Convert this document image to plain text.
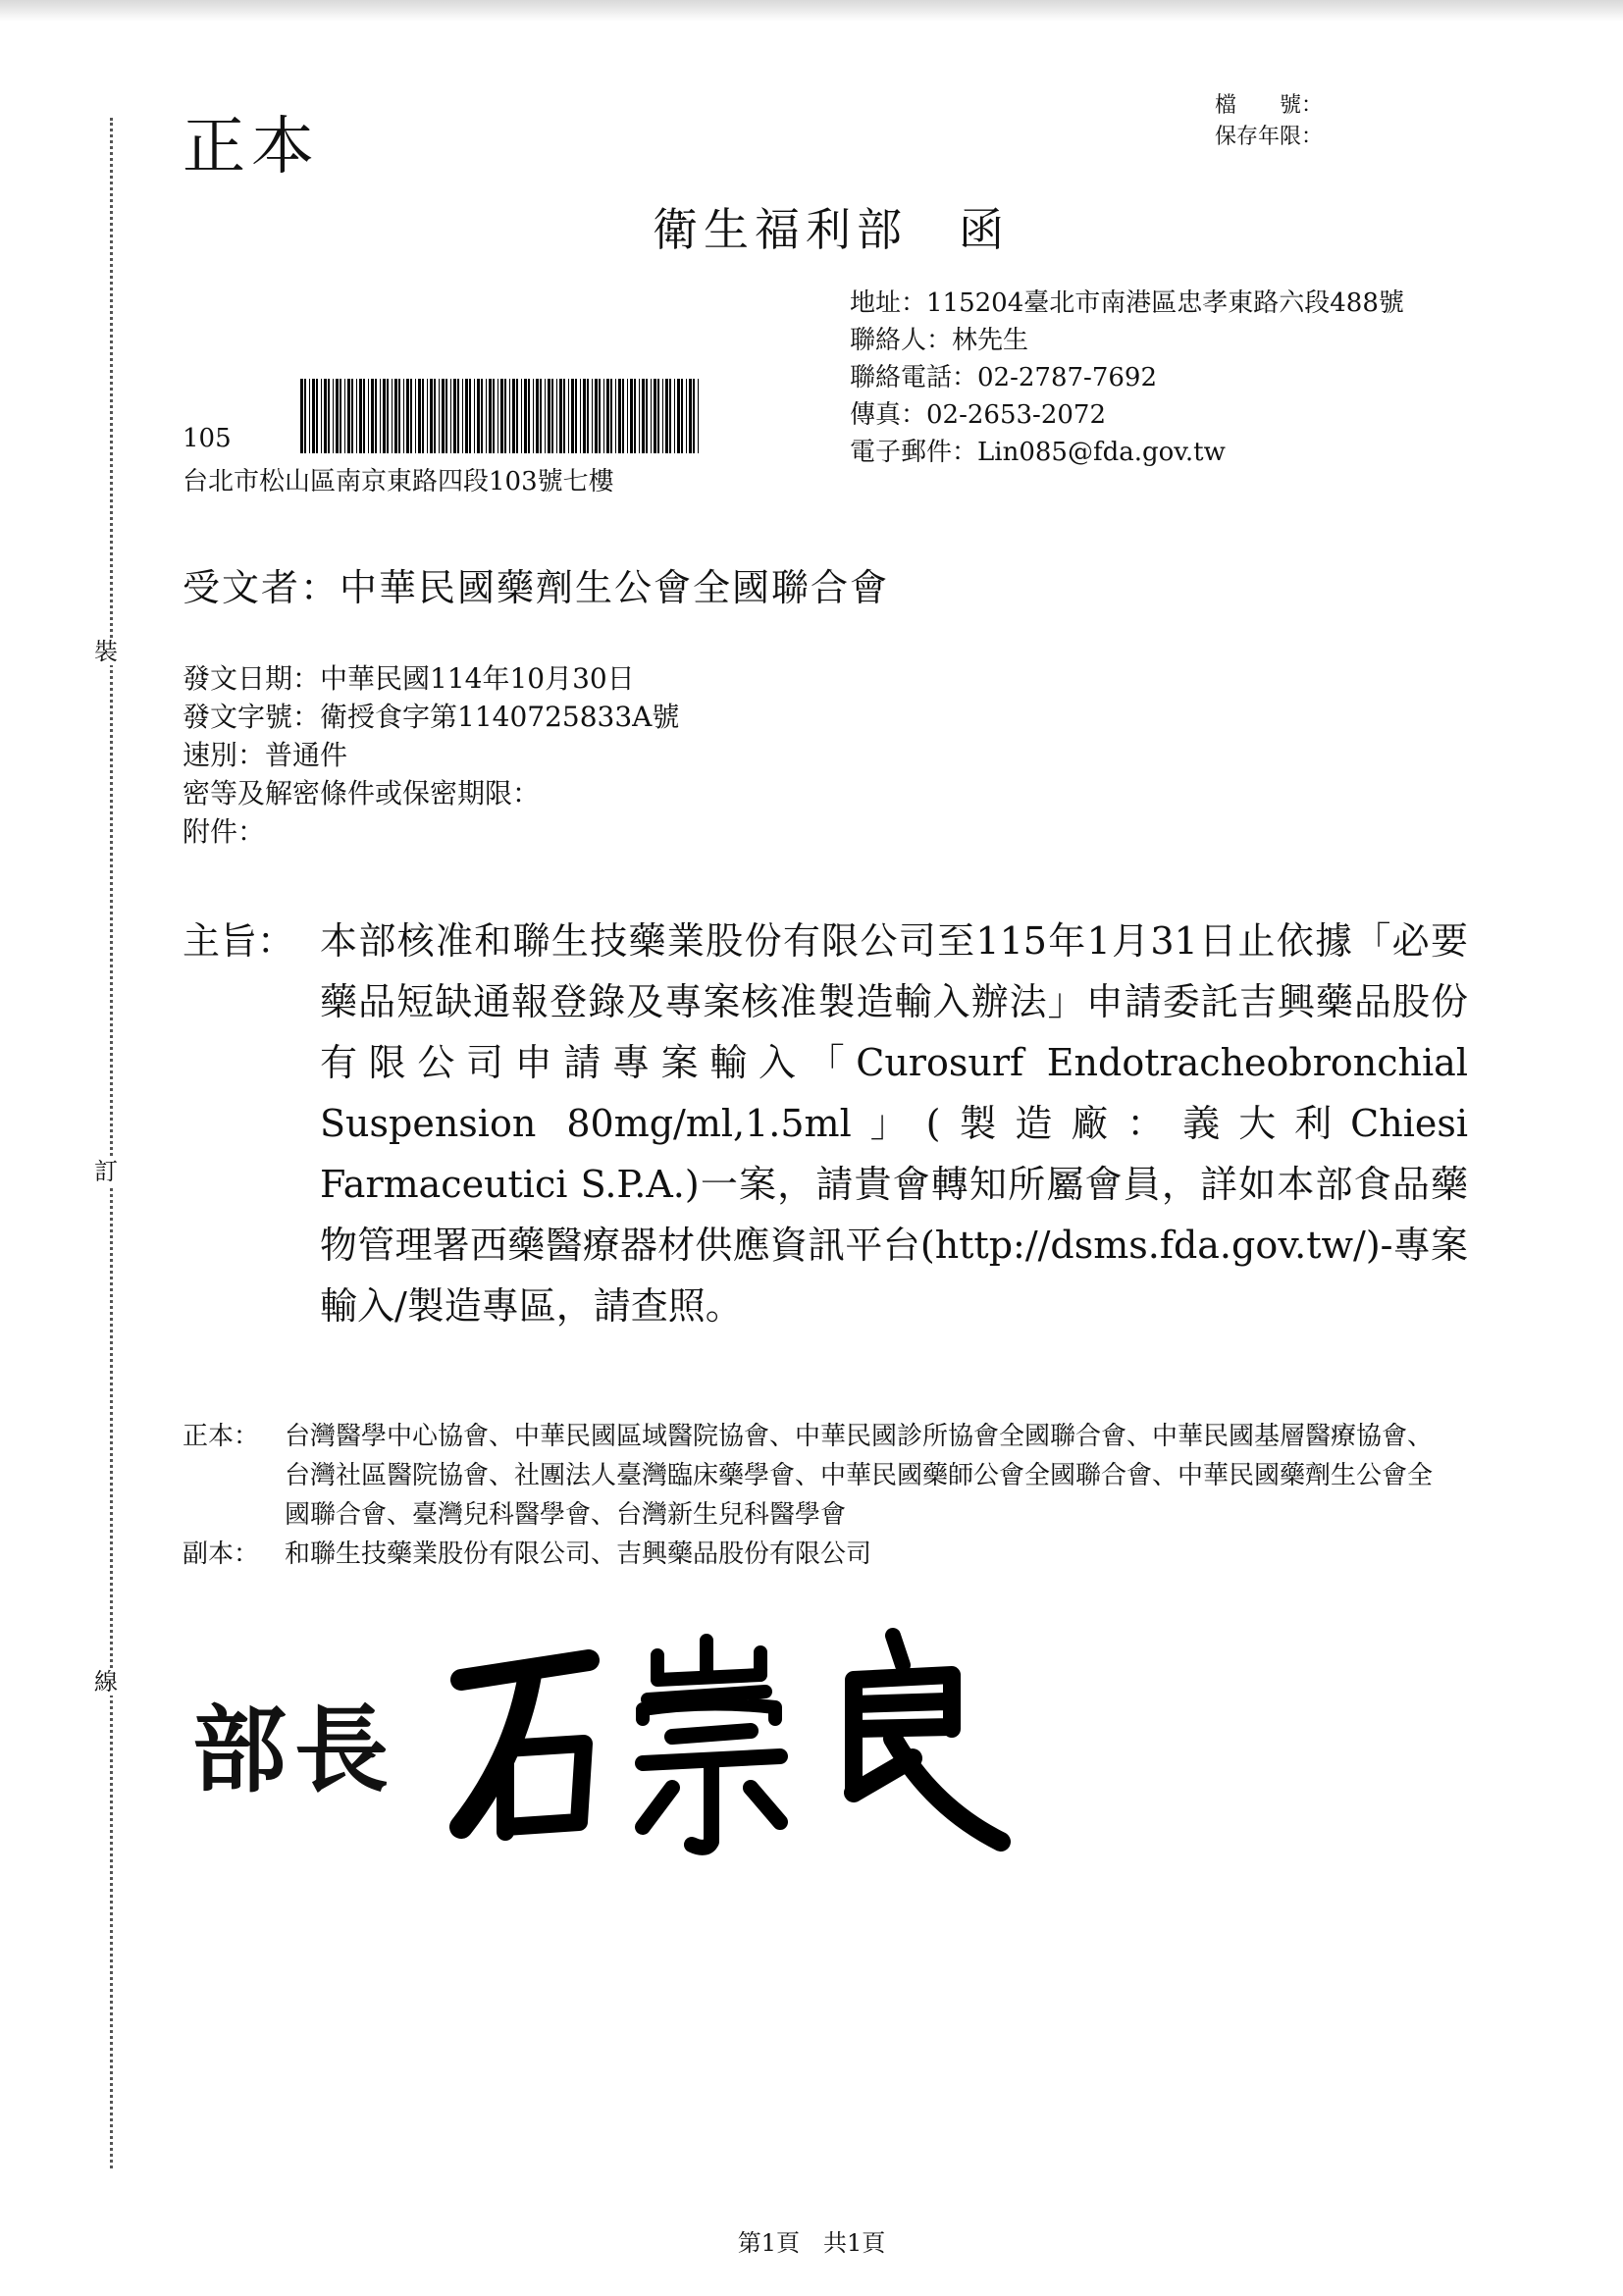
裝
訂
線
正本
檔　　號：
保存年限：
衛生福利部　函
地址：115204臺北市南港區忠孝東路六段488號
聯絡人：林先生
聯絡電話：02-2787-7692
傳真：02-2653-2072
電子郵件：Lin085@fda.gov.tw
105
台北市松山區南京東路四段103號七樓
受文者：中華民國藥劑生公會全國聯合會
發文日期：中華民國114年10月30日
發文字號：衛授食字第1140725833A號
速別：普通件
密等及解密條件或保密期限：
附件：
主旨： 本部核准和聯生技藥業股份有限公司至115年1月31日止依據「必要藥品短缺通報登錄及專案核准製造輸入辦法」申請委託吉興藥品股份有限公司申請專案輸入「Curosurf Endotracheobronchial Suspension 80mg/ml,1.5ml」(製造廠：義大利Chiesi Farmaceutici S.P.A.)一案，請貴會轉知所屬會員，詳如本部食品藥物管理署西藥醫療器材供應資訊平台(http://dsms.fda.gov.tw/)-專案輸入/製造專區，請查照。
正本： 台灣醫學中心協會、中華民國區域醫院協會、中華民國診所協會全國聯合會、中華民國基層醫療協會、台灣社區醫院協會、社團法人臺灣臨床藥學會、中華民國藥師公會全國聯合會、中華民國藥劑生公會全國聯合會、臺灣兒科醫學會、台灣新生兒科醫學會
副本： 和聯生技藥業股份有限公司、吉興藥品股份有限公司
部長
第1頁　共1頁
